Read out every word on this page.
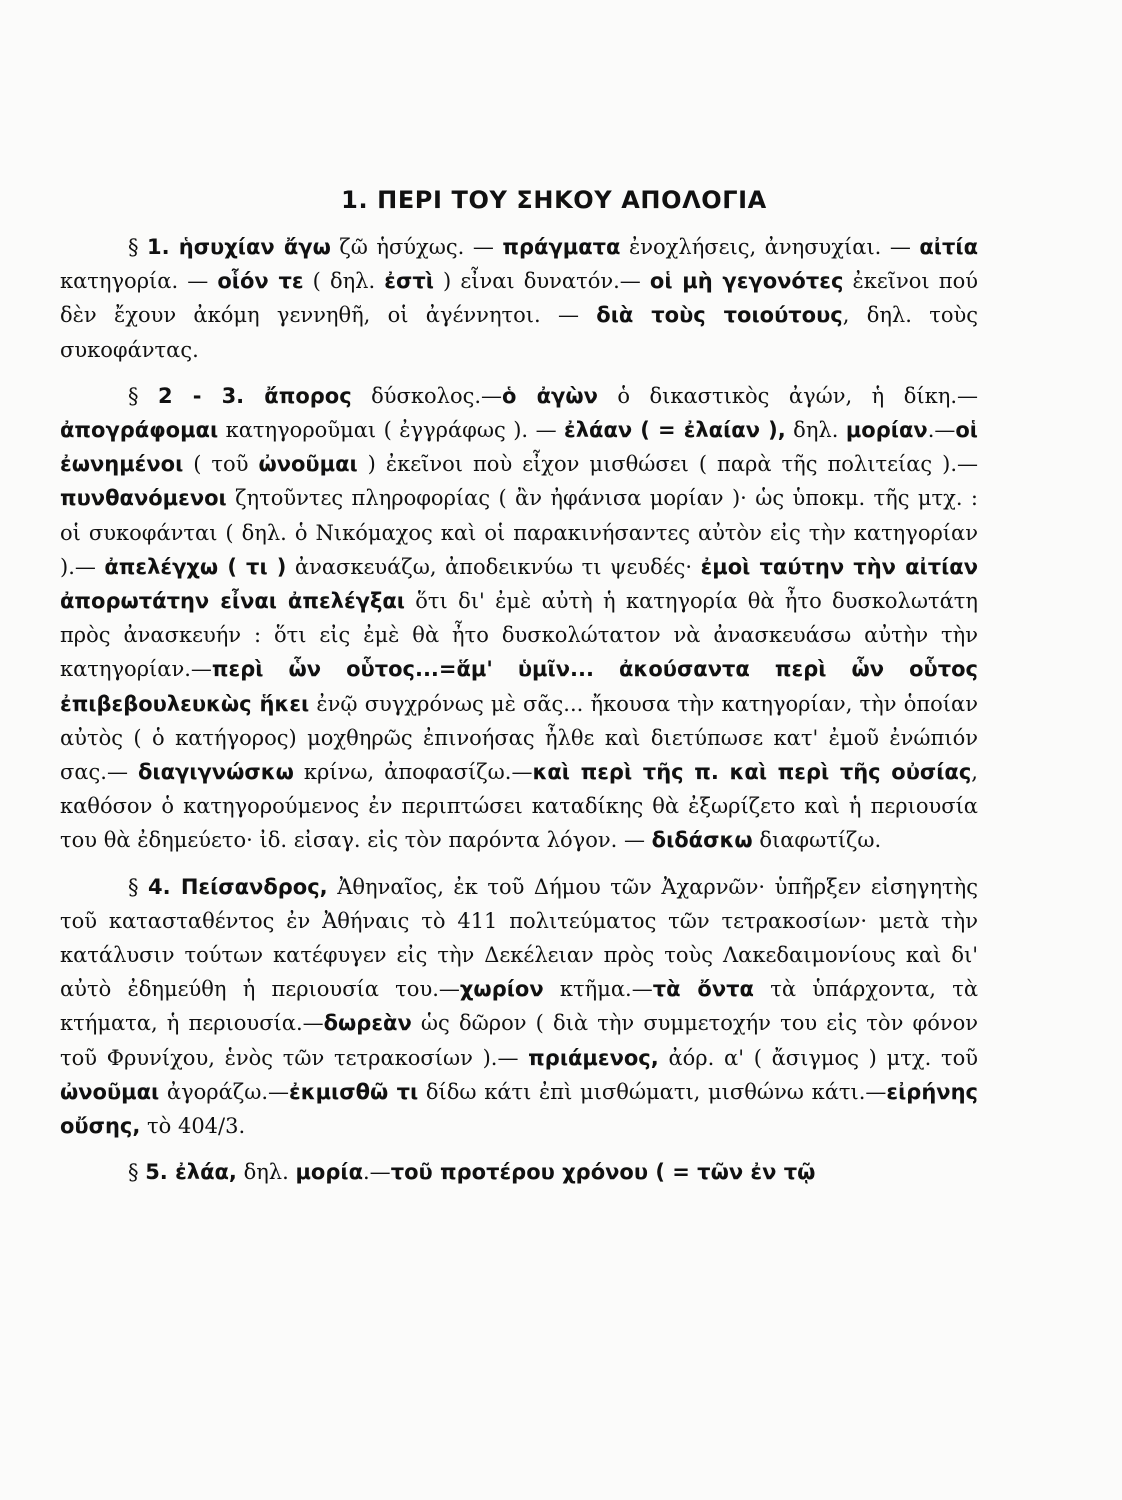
1. ΠΕΡΙ ΤΟΥ ΣΗΚΟΥ ΑΠΟΛΟΓΙΑ

§ 1. ἡσυχίαν ἄγω ζῶ ἡσύχως. — πράγματα ἐνοχλήσεις, ἀνησυχίαι. — αἰτία κατηγορία. — οἷόν τε ( δηλ. ἐστὶ ) εἶναι δυνατόν.— οἱ μὴ γεγονότες ἐκεῖνοι πού δὲν ἔχουν ἀκόμη γεννηθῆ, οἱ ἀγέννητοι. — διὰ τοὺς τοιούτους, δηλ. τοὺς συκοφάντας.

§ 2 - 3. ἄπορος δύσκολος.—ὁ ἀγὼν ὁ δικαστικὸς ἀγών, ἡ δίκη.— ἀπογράφομαι κατηγοροῦμαι ( ἐγγράφως ). — ἐλάαν ( = ἐλαίαν ), δηλ. μορίαν.—οἱ ἐωνημένοι ( τοῦ ὠνοῦμαι ) ἐκεῖνοι ποὺ εἶχον μισθώσει ( παρὰ τῆς πολιτείας ).— πυνθανόμενοι ζητοῦντες πληροφορίας ( ἂν ἠφάνισα μορίαν )· ὡς ὑποκμ. τῆς μτχ. : οἱ συκοφάνται ( δηλ. ὁ Νικόμαχος καὶ οἱ παρακινήσαντες αὐτὸν εἰς τὴν κατηγορίαν ).— ἀπελέγχω ( τι ) ἀνασκευάζω, ἀποδεικνύω τι ψευδές· ἐμοὶ ταύτην τὴν αἰτίαν ἀπορωτάτην εἶναι ἀπελέγξαι ὅτι δι' ἐμὲ αὐτὴ ἡ κατηγορία θὰ ἦτο δυσκολωτάτη πρὸς ἀνασκευήν : ὅτι εἰς ἐμὲ θὰ ἦτο δυσκολώτατον νὰ ἀνασκευάσω αὐτὴν τὴν κατηγορίαν.—περὶ ὧν οὗτος...=ἅμ' ὑμῖν... ἀκούσαντα περὶ ὧν οὗτος ἐπιβεβουλευκὼς ἥκει ἐνῷ συγχρόνως μὲ σᾶς... ἤκουσα τὴν κατηγορίαν, τὴν ὁποίαν αὐτὸς ( ὁ κατήγορος) μοχθηρῶς ἐπινοήσας ἦλθε καὶ διετύπωσε κατ' ἐμοῦ ἐνώπιόν σας.— διαγιγνώσκω κρίνω, ἀποφασίζω.—καὶ περὶ τῆς π. καὶ περὶ τῆς οὐσίας, καθόσον ὁ κατηγορούμενος ἐν περιπτώσει καταδίκης θὰ ἐξωρίζετο καὶ ἡ περιουσία του θὰ ἐδημεύετο· ἰδ. εἰσαγ. εἰς τὸν παρόντα λόγον. — διδάσκω διαφωτίζω.

§ 4. Πείσανδρος, Ἀθηναῖος, ἐκ τοῦ Δήμου τῶν Ἀχαρνῶν· ὑπῆρξεν εἰσηγητὴς τοῦ κατασταθέντος ἐν Ἀθήναις τὸ 411 πολιτεύματος τῶν τετρακοσίων· μετὰ τὴν κατάλυσιν τούτων κατέφυγεν εἰς τὴν Δεκέλειαν πρὸς τοὺς Λακεδαιμονίους καὶ δι' αὐτὸ ἐδημεύθη ἡ περιουσία του.—χωρίον κτῆμα.—τὰ ὄντα τὰ ὑπάρχοντα, τὰ κτήματα, ἡ περιουσία.—δωρεὰν ὡς δῶρον ( διὰ τὴν συμμετοχήν του εἰς τὸν φόνον τοῦ Φρυνίχου, ἑνὸς τῶν τετρακοσίων ).— πριάμενος, ἀόρ. α' ( ἄσιγμος ) μτχ. τοῦ ὠνοῦμαι ἀγοράζω.—ἐκμισθῶ τι δίδω κάτι ἐπὶ μισθώματι, μισθώνω κάτι.—εἰρήνης οὔσης, τὸ 404/3.

§ 5. ἐλάα, δηλ. μορία.—τοῦ προτέρου χρόνου ( = τῶν ἐν τῷ
